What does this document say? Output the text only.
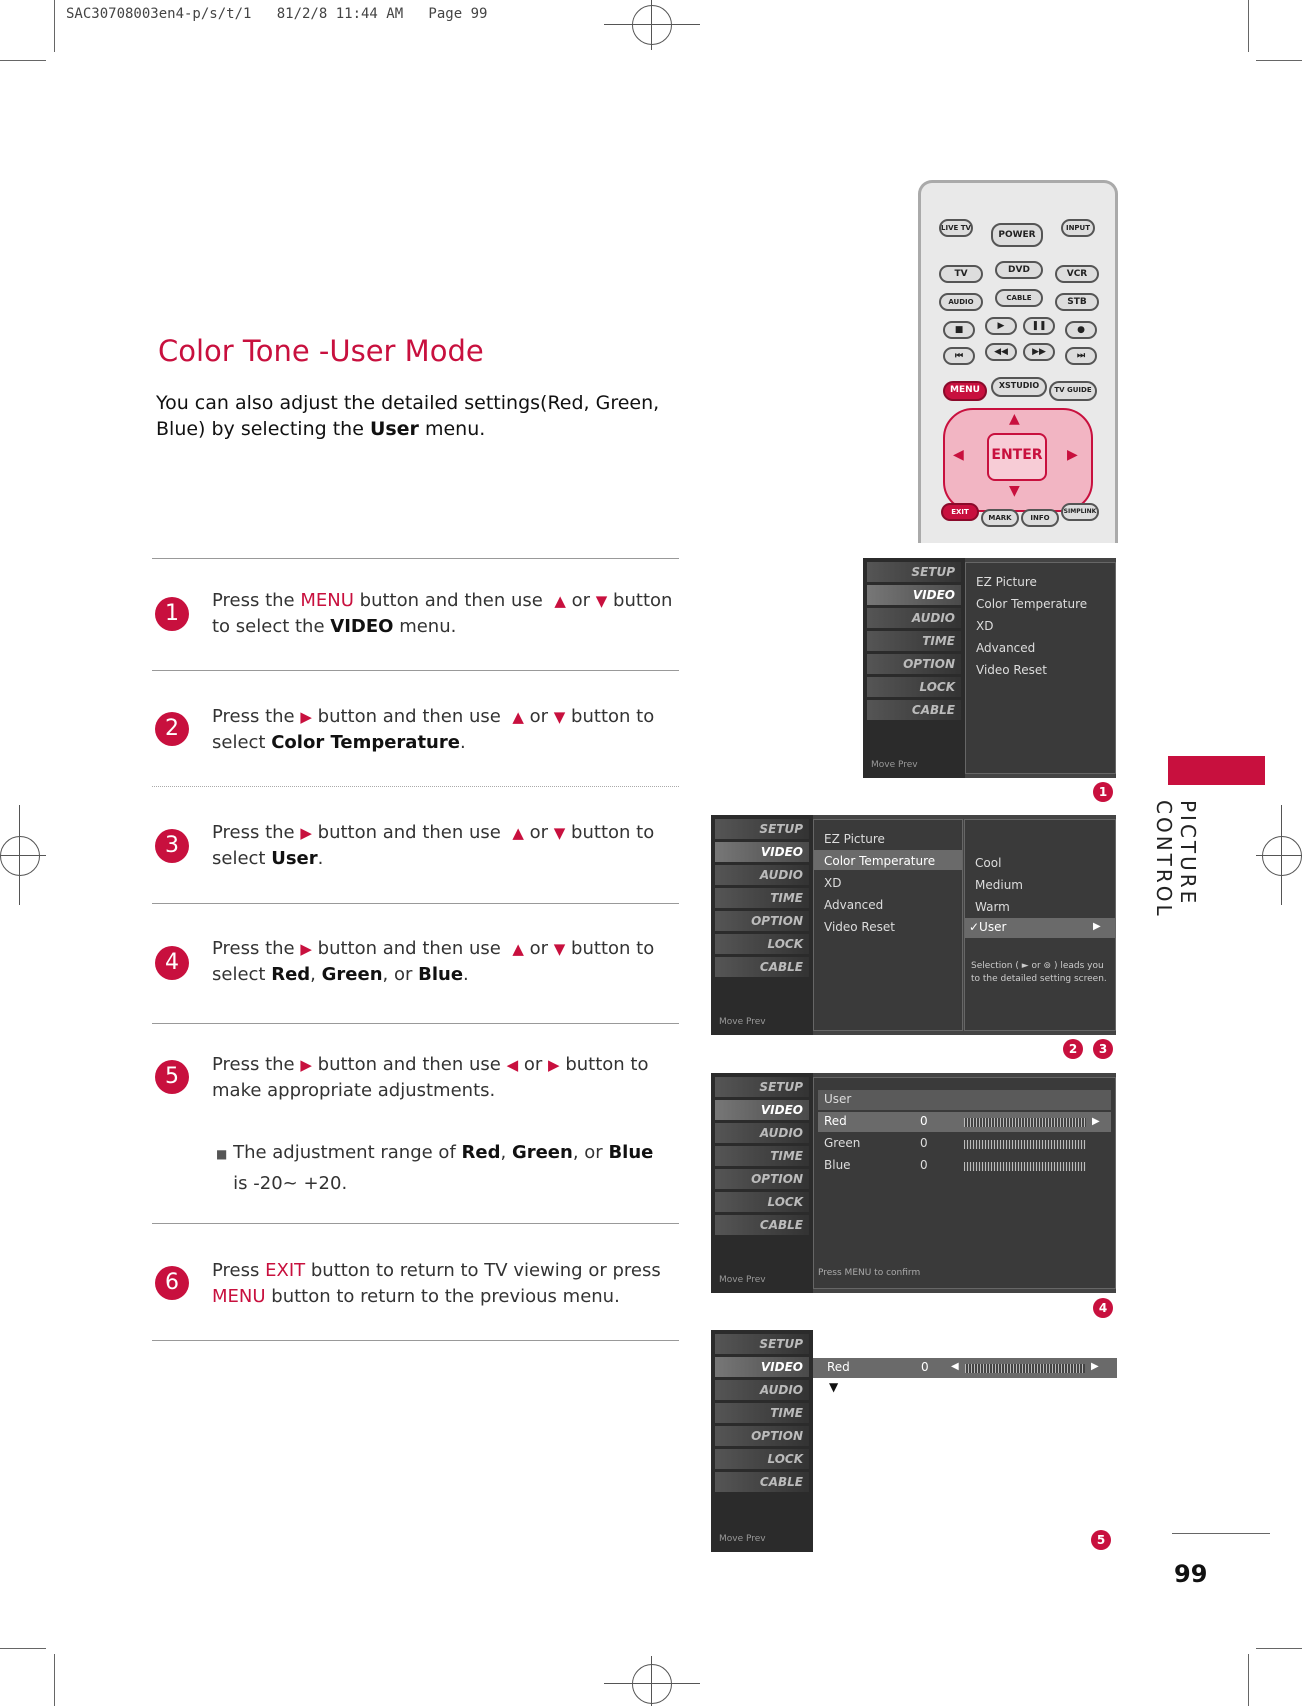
SAC30708003en4-p/s/t/1   81/2/8 11:44 AM   Page 99
Color Tone -User Mode
You can also adjust the detailed settings(Red, Green, Blue) by selecting the User menu.
1
Press the MENU button and then use ▲ or ▼ button
to select the VIDEO menu.
2	Press the ▶ button and then use ▲ or ▼ button to
select Color Temperature.
3
Press the ▶ button and then use ▲ or ▼ button to
select User.
4
Press the ▶ button and then use ▲ or ▼ button to
select Red, Green, or Blue.
5	Press the ▶ button and then use ◀ or ▶ button to
make appropriate adjustments.
■ The adjustment range of Red, Green, or Blue
is -20~ +20.
6	Press EXIT button to return to TV viewing or press
MENU button to return to the previous menu.
LIVE TV
POWER
INPUT
TV	DVD	VCR
AUDIO	CABLE	STB
■	▶	❚❚	●
⏮	◀◀	▶▶	⏭
MENU	XSTUDIO	TV GUIDE
ENTER
▲
▼
◀	▶
EXIT
MARK	INFO
SIMPLINK
SETUP
VIDEO
AUDIO
TIME
OPTION
LOCK
CABLE
Move Prev
EZ Picture
Color Temperature
XD
Advanced
Video Reset
1
SETUP
VIDEO
AUDIO
TIME
OPTION
LOCK
CABLE
Move Prev
EZ Picture
Color Temperature
XD
Advanced
Video Reset
Cool
Medium
Warm
✓User	▶
Selection ( ► or ⊚ ) leads you to the detailed setting screen.
2	3
SETUP
VIDEO
AUDIO
TIME
OPTION
LOCK
CABLE
Move Prev
User
Red	0	▶
Green	0
Blue	0
Press MENU to confirm
4
SETUP
VIDEO
AUDIO
TIME
OPTION
LOCK
CABLE
Move Prev
Red	0 ◀	▶
▼
5
PICTURE CONTROL
99
